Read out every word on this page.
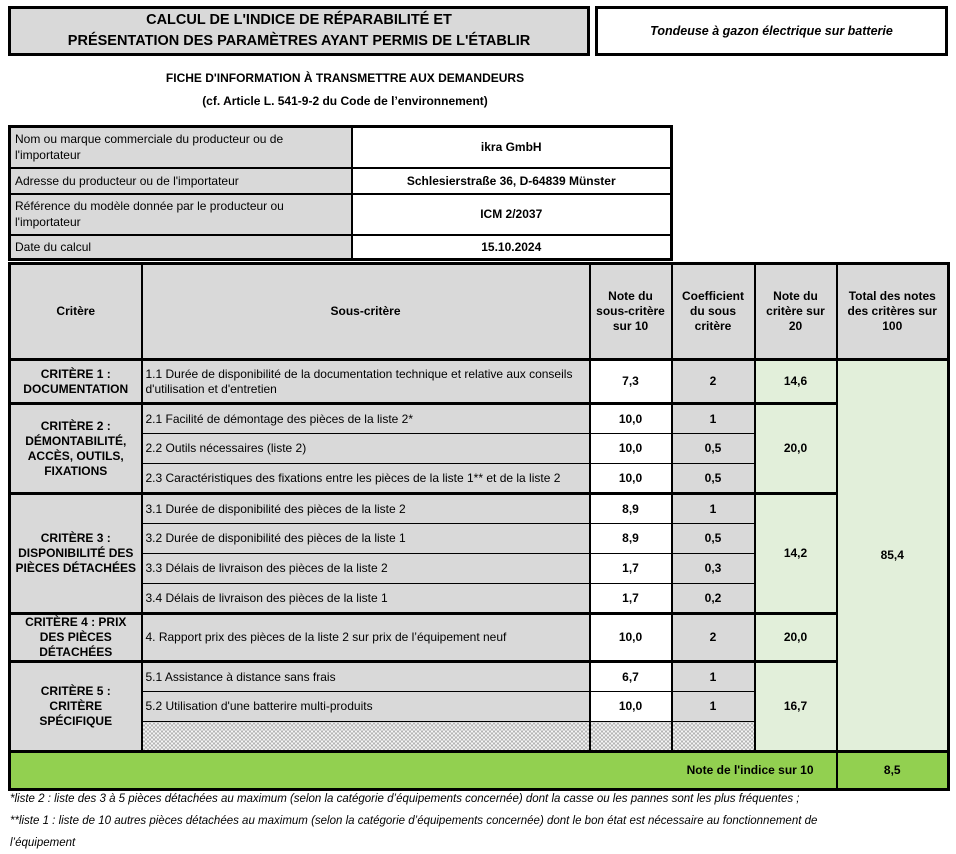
CALCUL DE L'INDICE DE RÉPARABILITÉ ET
PRÉSENTATION DES PARAMÈTRES AYANT PERMIS DE L'ÉTABLIR
Tondeuse à gazon électrique sur batterie
FICHE D'INFORMATION À TRANSMETTRE AUX DEMANDEURS
(cf. Article L. 541-9-2 du Code de l’environnement)
Nom ou marque commerciale du producteur ou de l'importateur	ikra GmbH
Adresse du producteur ou de l'importateur	Schlesierstraße 36, D-64839 Münster
Référence du modèle donnée par le producteur ou l'importateur	ICM 2/2037
Date du calcul	15.10.2024
Critère	Sous-critère	Note du sous-critère sur 10	Coefficient du sous critère	Note du critère sur 20	Total des notes des critères sur 100
CRITÈRE 1 : DOCUMENTATION	1.1 Durée de disponibilité de la documentation technique et relative aux conseils d'utilisation et d'entretien	7,3	2	14,6	85,4
CRITÈRE 2 : DÉMONTABILITÉ, ACCÈS, OUTILS, FIXATIONS	2.1 Facilité de démontage des pièces de la liste 2*	10,0	1	20,0	
	2.2 Outils nécessaires (liste 2)	10,0	0,5		
	2.3 Caractéristiques des fixations entre les pièces de la liste 1** et de la liste 2	10,0	0,5		
CRITÈRE 3 : DISPONIBILITÉ DES PIÈCES DÉTACHÉES	3.1 Durée de disponibilité des pièces de la liste 2	8,9	1	14,2	
	3.2 Durée de disponibilité des pièces de la liste 1	8,9	0,5		
	3.3 Délais de livraison des pièces de la liste 2	1,7	0,3		
	3.4 Délais de livraison des pièces de la liste 1	1,7	0,2		
CRITÈRE 4 : PRIX DES PIÈCES DÉTACHÉES	4. Rapport prix des pièces de la liste 2 sur prix de l’équipement neuf	10,0	2	20,0	
CRITÈRE 5 : CRITÈRE SPÉCIFIQUE	5.1 Assistance à distance sans frais	6,7	1	16,7	
	5.2 Utilisation d'une batterire multi-produits	10,0	1		

Note de l'indice sur 10					8,5
*liste 2 : liste des 3 à 5 pièces détachées au maximum (selon la catégorie d’équipements concernée) dont la casse ou les pannes sont les plus fréquentes ;
**liste 1 : liste de 10 autres pièces détachées au maximum (selon la catégorie d’équipements concernée) dont le bon état est nécessaire au fonctionnement de
l’équipement
